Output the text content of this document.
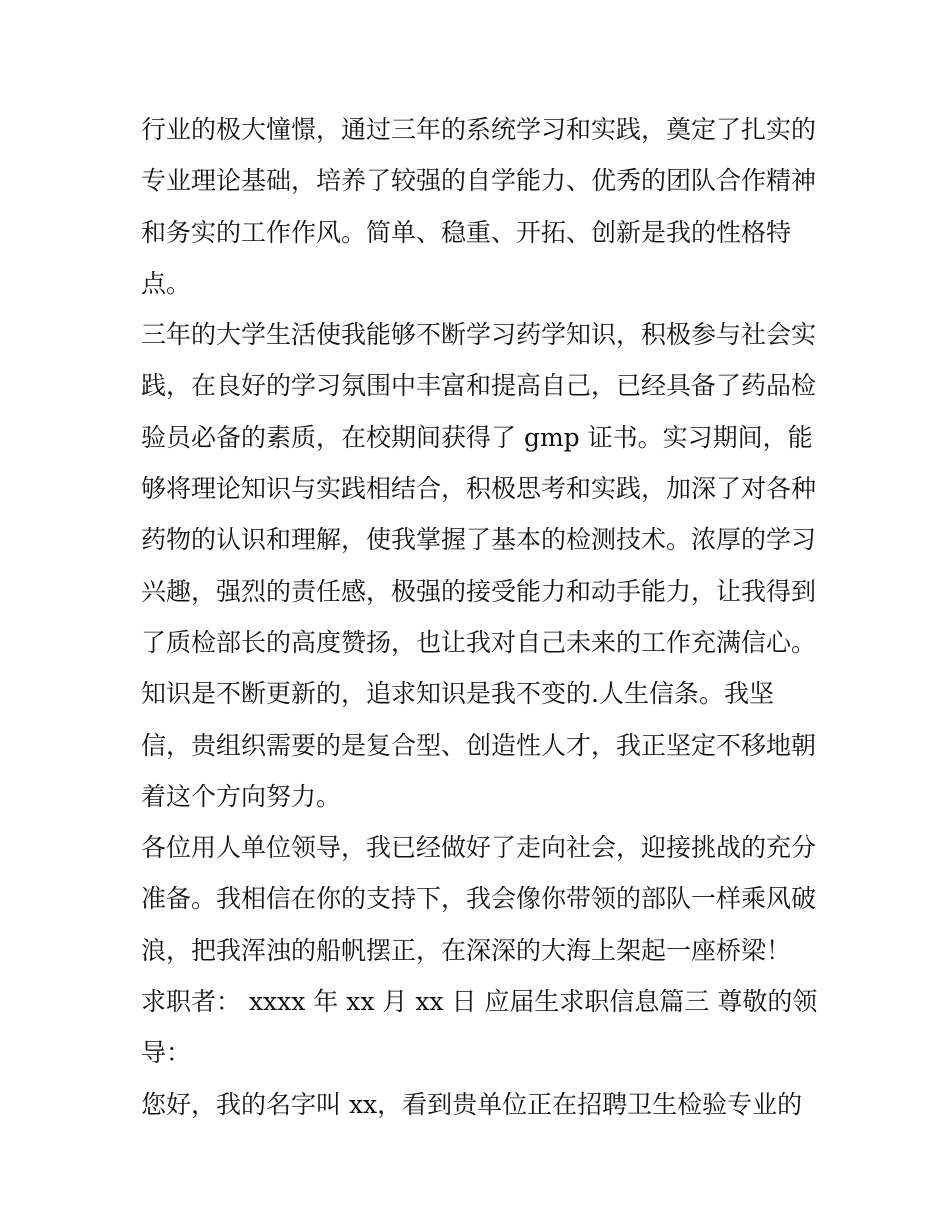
行业的极大憧憬，通过三年的系统学习和实践，奠定了扎实的
专业理论基础，培养了较强的自学能力、优秀的团队合作精神
和务实的工作作风。简单、稳重、开拓、创新是我的性格特
点。
三年的大学生活使我能够不断学习药学知识，积极参与社会实
践，在良好的学习氛围中丰富和提高自己，已经具备了药品检
验员必备的素质，在校期间获得了 gmp 证书。实习期间，能
够将理论知识与实践相结合，积极思考和实践，加深了对各种
药物的认识和理解，使我掌握了基本的检测技术。浓厚的学习
兴趣，强烈的责任感，极强的接受能力和动手能力，让我得到
了质检部长的高度赞扬，也让我对自己未来的工作充满信心。
知识是不断更新的，追求知识是我不变的.人生信条。我坚
信，贵组织需要的是复合型、创造性人才，我正坚定不移地朝
着这个方向努力。
各位用人单位领导，我已经做好了走向社会，迎接挑战的充分
准备。我相信在你的支持下，我会像你带领的部队一样乘风破
浪，把我浑浊的船帆摆正，在深深的大海上架起一座桥梁！
求职者： xxxx 年 xx 月 xx 日 应届生求职信息篇三 尊敬的领
导：
您好，我的名字叫 xx，看到贵单位正在招聘卫生检验专业的
